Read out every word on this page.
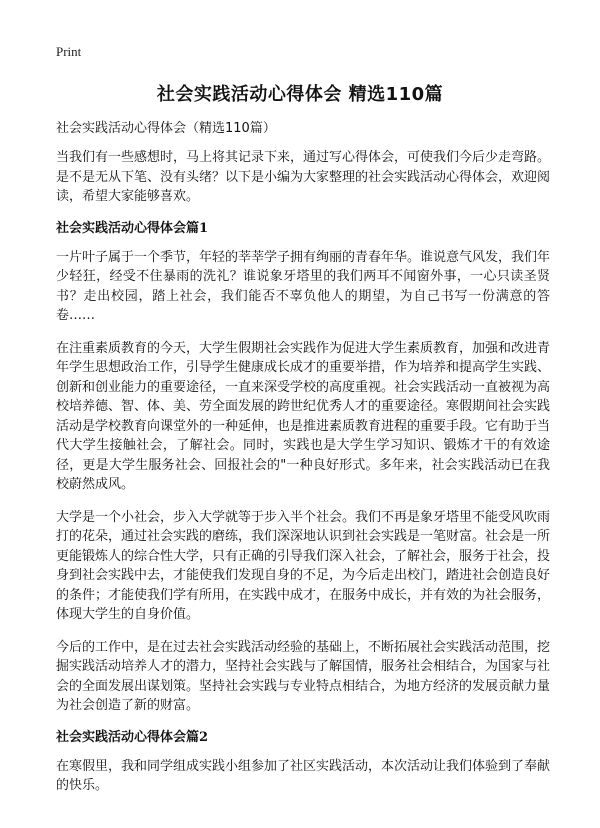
Print
社会实践活动心得体会 精选110篇
社会实践活动心得体会（精选110篇）

当我们有一些感想时，马上将其记录下来，通过写心得体会，可使我们今后少走弯路。是不是无从下笔、没有头绪？以下是小编为大家整理的社会实践活动心得体会，欢迎阅读，希望大家能够喜欢。

社会实践活动心得体会篇1

一片叶子属于一个季节，年轻的莘莘学子拥有绚丽的青春年华。谁说意气风发，我们年少轻狂，经受不住暴雨的洗礼？谁说象牙塔里的我们两耳不闻窗外事，一心只读圣贤书？走出校园，踏上社会，我们能否不辜负他人的期望，为自己书写一份满意的答卷……

在注重素质教育的今天，大学生假期社会实践作为促进大学生素质教育，加强和改进青年学生思想政治工作，引导学生健康成长成才的重要举措，作为培养和提高学生实践、创新和创业能力的重要途径，一直来深受学校的高度重视。社会实践活动一直被视为高校培养德、智、体、美、劳全面发展的跨世纪优秀人才的重要途径。寒假期间社会实践活动是学校教育向课堂外的一种延伸，也是推进素质教育进程的重要手段。它有助于当代大学生接触社会，了解社会。同时，实践也是大学生学习知识、锻炼才干的有效途径，更是大学生服务社会、回报社会的"一种良好形式。多年来，社会实践活动已在我校蔚然成风。

大学是一个小社会，步入大学就等于步入半个社会。我们不再是象牙塔里不能受风吹雨打的花朵，通过社会实践的磨练，我们深深地认识到社会实践是一笔财富。社会是一所更能锻炼人的综合性大学，只有正确的引导我们深入社会，了解社会，服务于社会，投身到社会实践中去，才能使我们发现自身的不足，为今后走出校门，踏进社会创造良好的条件；才能使我们学有所用，在实践中成才，在服务中成长，并有效的为社会服务，体现大学生的自身价值。

今后的工作中，是在过去社会实践活动经验的基础上，不断拓展社会实践活动范围，挖掘实践活动培养人才的潜力，坚持社会实践与了解国情，服务社会相结合，为国家与社会的全面发展出谋划策。坚持社会实践与专业特点相结合，为地方经济的发展贡献力量为社会创造了新的财富。

社会实践活动心得体会篇2

在寒假里，我和同学组成实践小组参加了社区实践活动，本次活动让我们体验到了奉献的快乐。
